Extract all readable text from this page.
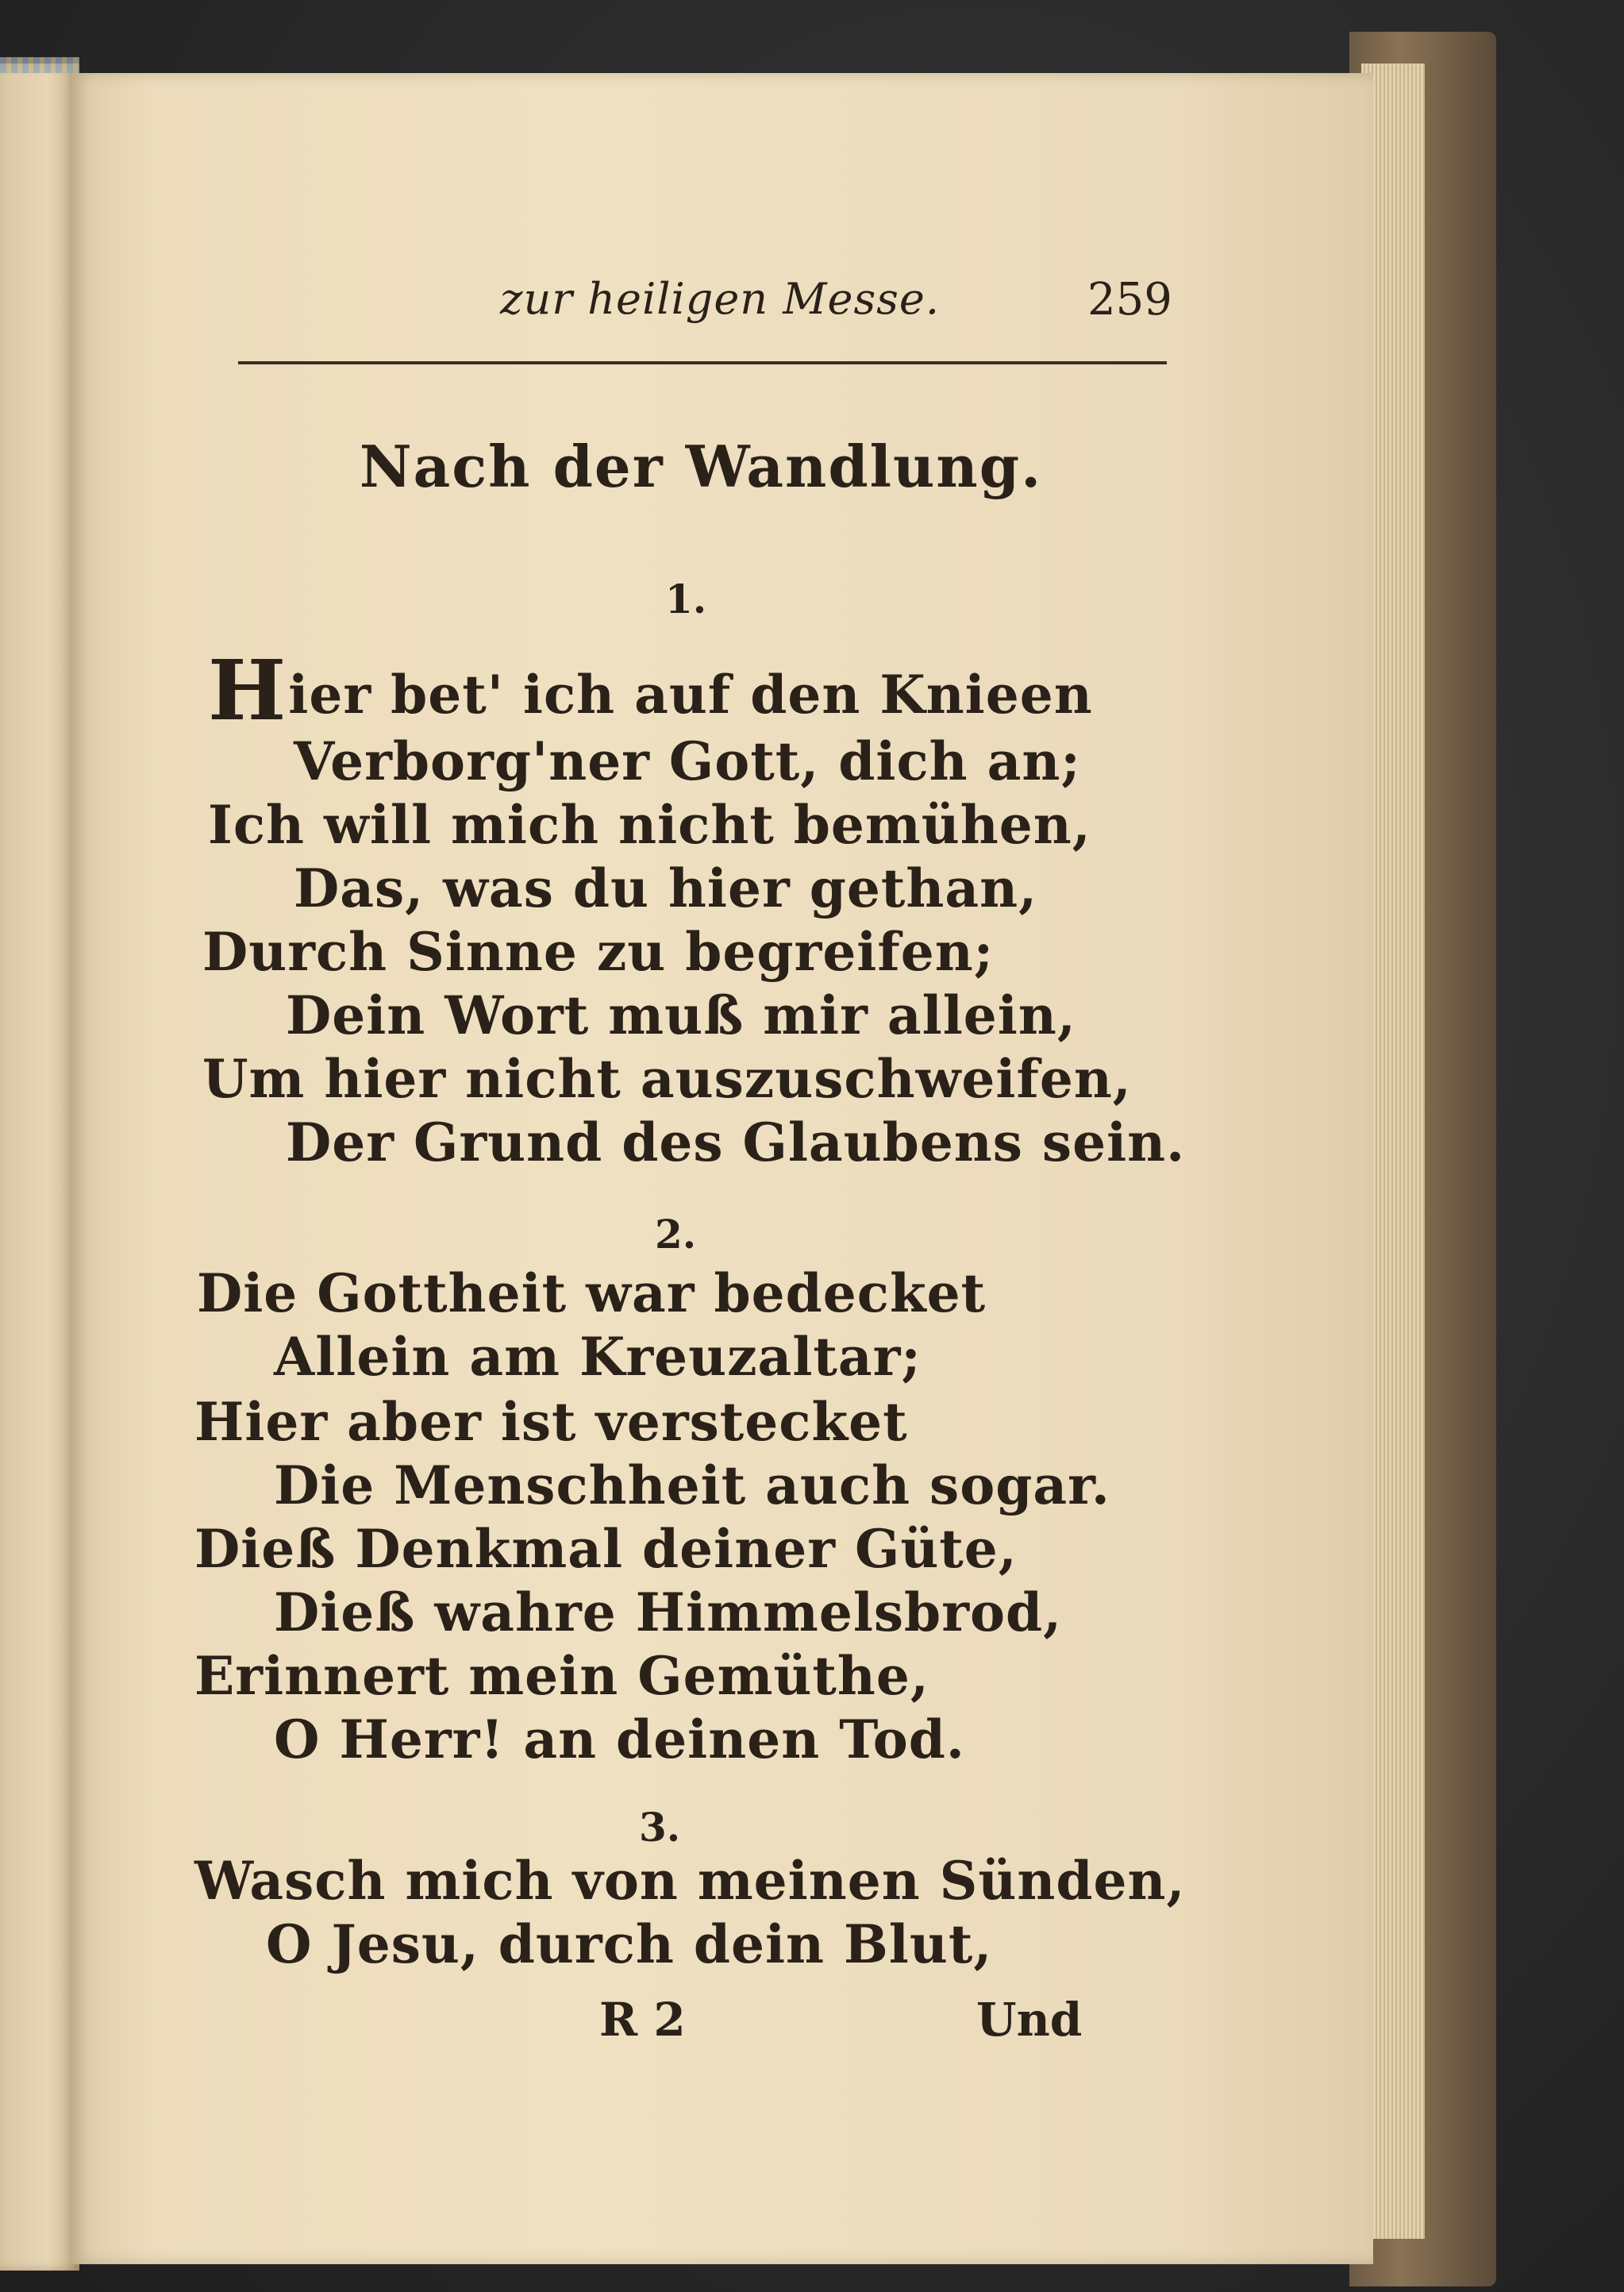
zur heiligen Messe.	259
Nach der Wandlung.
1.
Hier bet' ich auf den Knieen
Verborg'ner Gott, dich an;
Ich will mich nicht bemühen,
Das, was du hier gethan,
Durch Sinne zu begreifen;
Dein Wort muß mir allein,
Um hier nicht auszuschweifen,
Der Grund des Glaubens sein.
2.
Die Gottheit war bedecket
Allein am Kreuzaltar;
Hier aber ist verstecket
Die Menschheit auch sogar.
Dieß Denkmal deiner Güte,
Dieß wahre Himmelsbrod,
Erinnert mein Gemüthe,
O Herr! an deinen Tod.
3.
Wasch mich von meinen Sünden,
O Jesu, durch dein Blut,
R 2	Und
